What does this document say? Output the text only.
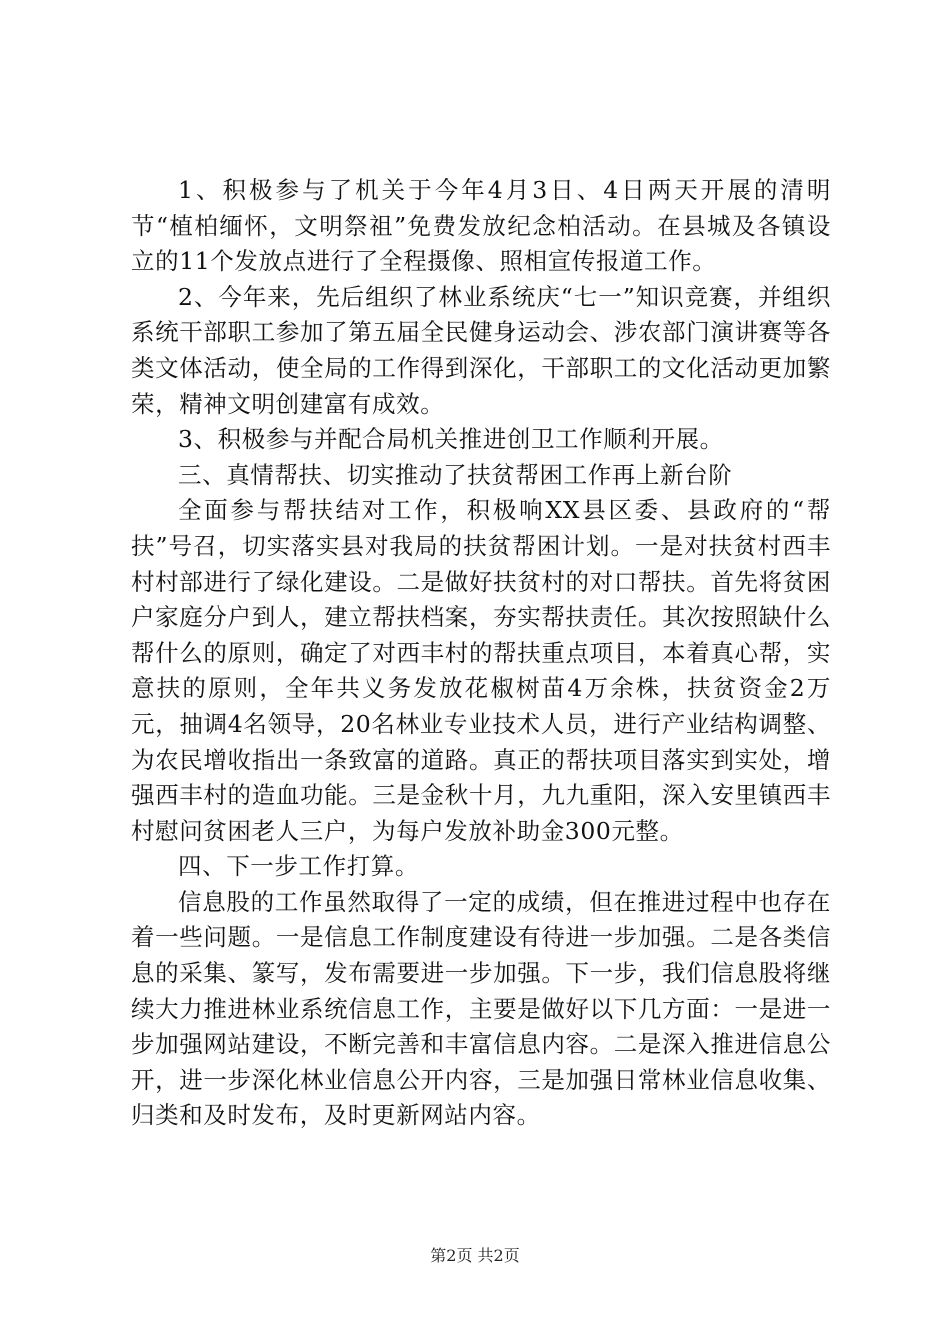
1、积极参与了机关于今年4月3日、4日两天开展的清明节“植柏缅怀，文明祭祖”免费发放纪念柏活动。在县城及各镇设立的11个发放点进行了全程摄像、照相宣传报道工作。

2、今年来，先后组织了林业系统庆“七一”知识竞赛，并组织系统干部职工参加了第五届全民健身运动会、涉农部门演讲赛等各类文体活动，使全局的工作得到深化，干部职工的文化活动更加繁荣，精神文明创建富有成效。

3、积极参与并配合局机关推进创卫工作顺利开展。

三、真情帮扶、切实推动了扶贫帮困工作再上新台阶

全面参与帮扶结对工作，积极响XX县区委、县政府的“帮扶”号召，切实落实县对我局的扶贫帮困计划。一是对扶贫村西丰村村部进行了绿化建设。二是做好扶贫村的对口帮扶。首先将贫困户家庭分户到人，建立帮扶档案，夯实帮扶责任。其次按照缺什么帮什么的原则，确定了对西丰村的帮扶重点项目，本着真心帮，实意扶的原则，全年共义务发放花椒树苗4万余株，扶贫资金2万元，抽调4名领导，20名林业专业技术人员，进行产业结构调整、为农民增收指出一条致富的道路。真正的帮扶项目落实到实处，增强西丰村的造血功能。三是金秋十月，九九重阳，深入安里镇西丰村慰问贫困老人三户，为每户发放补助金300元整。

四、下一步工作打算。

信息股的工作虽然取得了一定的成绩，但在推进过程中也存在着一些问题。一是信息工作制度建设有待进一步加强。二是各类信息的采集、篆写，发布需要进一步加强。下一步，我们信息股将继续大力推进林业系统信息工作，主要是做好以下几方面：一是进一步加强网站建设，不断完善和丰富信息内容。二是深入推进信息公开，进一步深化林业信息公开内容，三是加强日常林业信息收集、归类和及时发布，及时更新网站内容。

第2页 共2页
